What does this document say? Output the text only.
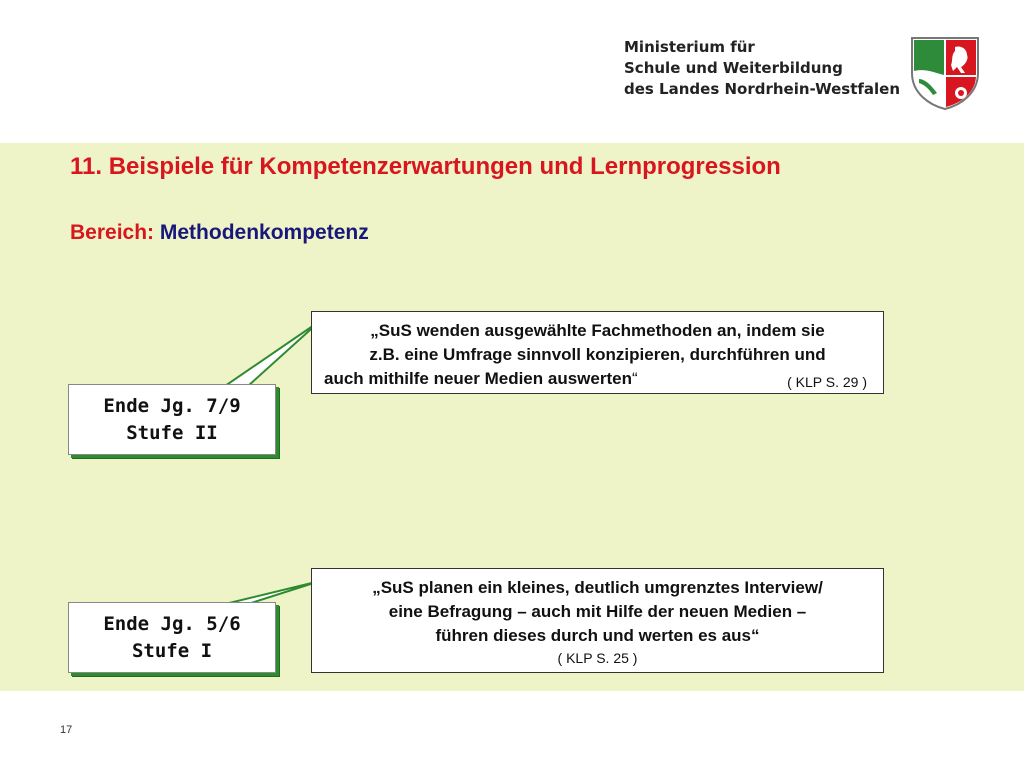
Ministerium für
Schule und Weiterbildung
des Landes Nordrhein-Westfalen
11. Beispiele für Kompetenzerwartungen und Lernprogression
Bereich: Methodenkompetenz
„SuS wenden ausgewählte Fachmethoden an, indem sie
z.B. eine Umfrage sinnvoll konzipieren, durchführen und
auch mithilfe neuer Medien auswerten“	( KLP S. 29 )
Ende Jg. 7/9
Stufe II
„SuS planen ein kleines, deutlich umgrenztes Interview/
eine Befragung – auch mit Hilfe der neuen Medien –
führen dieses durch und werten es aus“
( KLP S. 25 )
Ende Jg. 5/6
Stufe I
17
